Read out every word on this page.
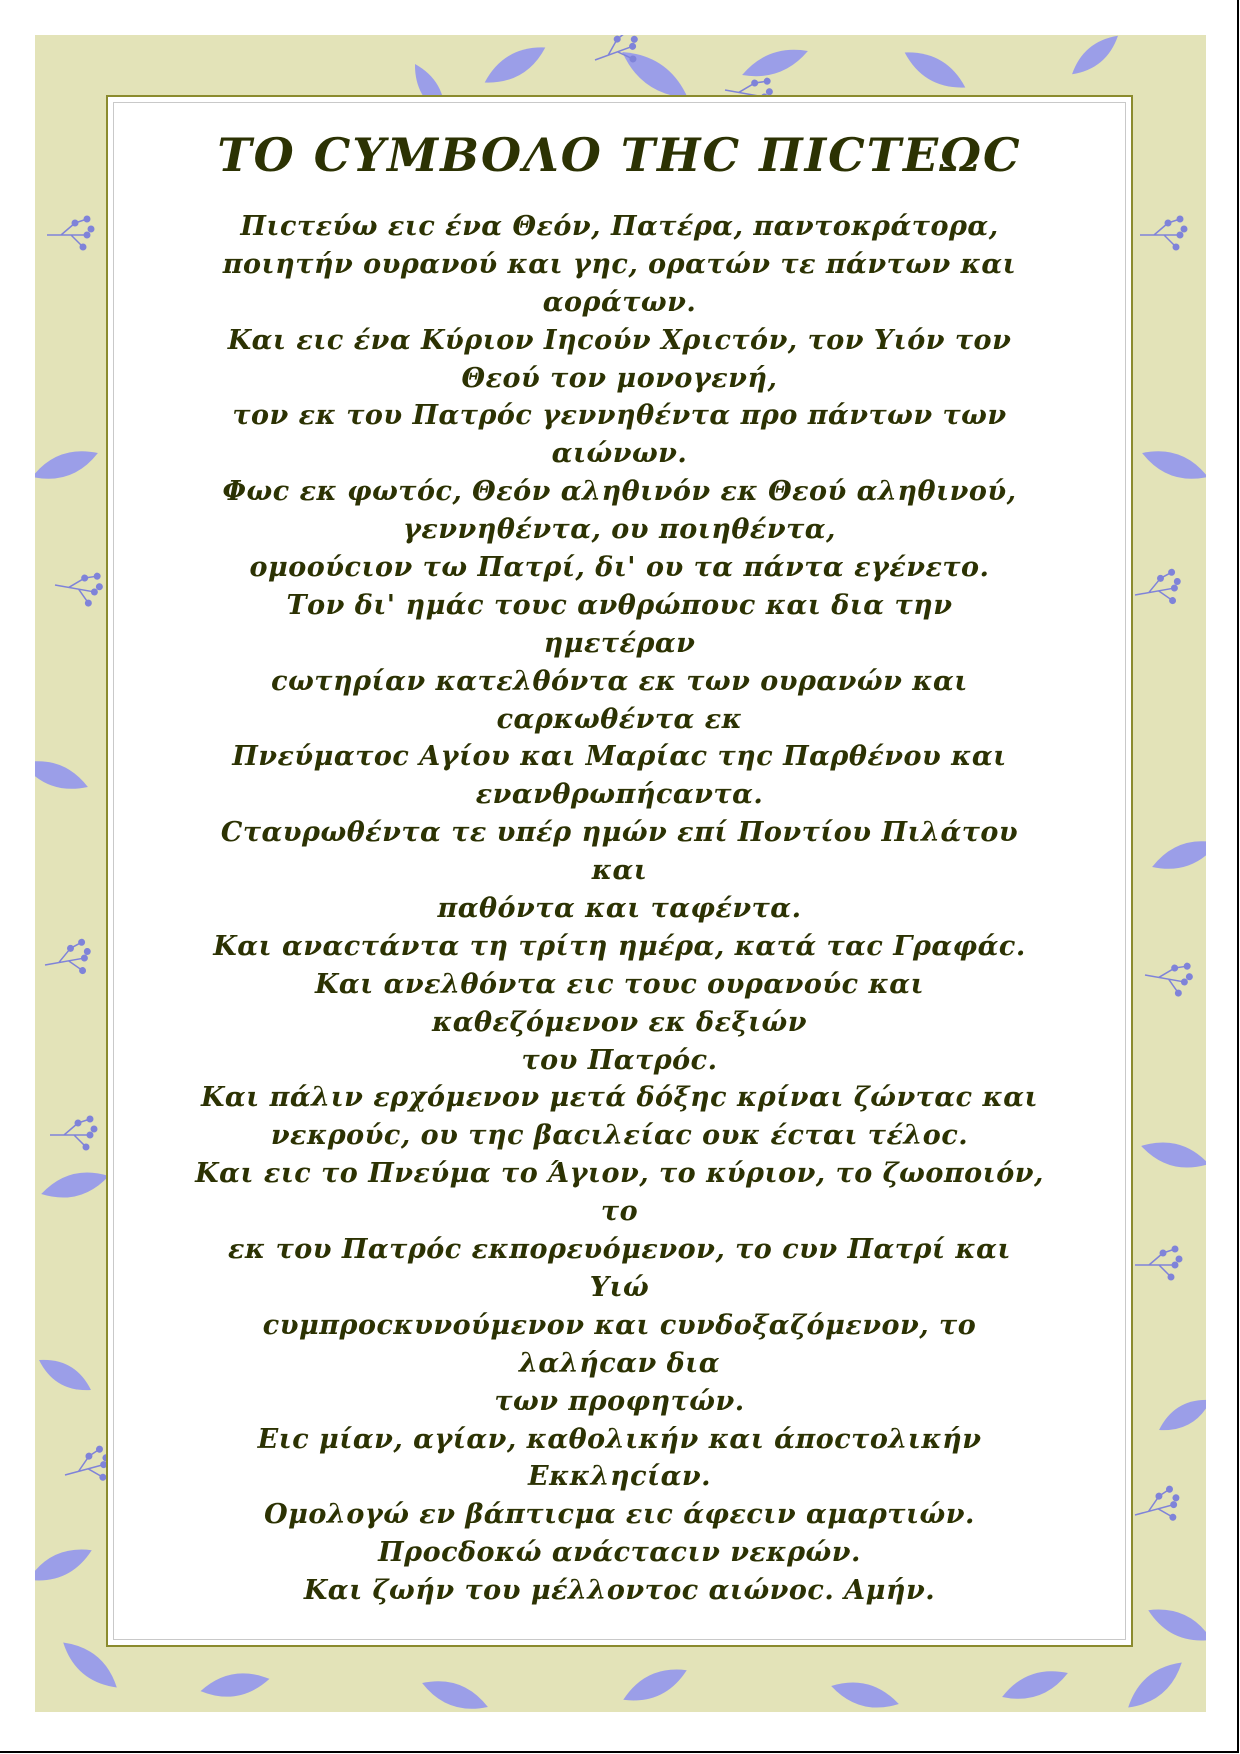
ΤΟ CΥΜΒΟΛΟ ΤΗC ΠΙCΤΕΩC
Πιcτεύω ειc ένα Θεόν, Πατέρα, παντοκράτορα,
ποιητήν ουρανού και γηc, ορατών τε πάντων και
αοράτων.
Και ειc ένα Κύριον Ιηcούν Χριcτόν, τον Υιόν τον
Θεού τον μονογενή,
τον εκ του Πατρόc γεννηθέντα προ πάντων των
αιώνων.
Φωc εκ φωτόc, Θεόν αληθινόν εκ Θεού αληθινού,
γεννηθέντα, ου ποιηθέντα,
ομοούcιον τω Πατρί, δι' ου τα πάντα εγένετο.
Τον δι' ημάc τουc ανθρώπουc και δια την
ημετέραν
cωτηρίαν κατελθόντα εκ των ουρανών και
cαρκωθέντα εκ
Πνεύματοc Αγίου και Μαρίαc τηc Παρθένου και
ενανθρωπήcαντα.
Cταυρωθέντα τε υπέρ ημών επί Ποντίου Πιλάτου
και
παθόντα και ταφέντα.
Και αναcτάντα τη τρίτη ημέρα, κατά ταc Γραφάc.
Και ανελθόντα ειc τουc ουρανούc και
καθεζόμενον εκ δεξιών
του Πατρόc.
Και πάλιν ερχόμενον μετά δόξηc κρίναι ζώνταc και
νεκρούc, ου τηc βαcιλείαc ουκ έcται τέλοc.
Και ειc το Πνεύμα το Άγιον, το κύριον, το ζωοποιόν,
το
εκ του Πατρόc εκπορευόμενον, το cυν Πατρί και
Υιώ
cυμπροcκυνούμενον και cυνδοξαζόμενον, το
λαλήcαν δια
των προφητών.
Ειc μίαν, αγίαν, καθολικήν και άποcτολικήν
Εκκληcίαν.
Ομολογώ εν βάπτιcμα ειc άφεcιν αμαρτιών.
Προcδοκώ ανάcταcιν νεκρών.
Και ζωήν του μέλλοντοc αιώνοc. Αμήν.
